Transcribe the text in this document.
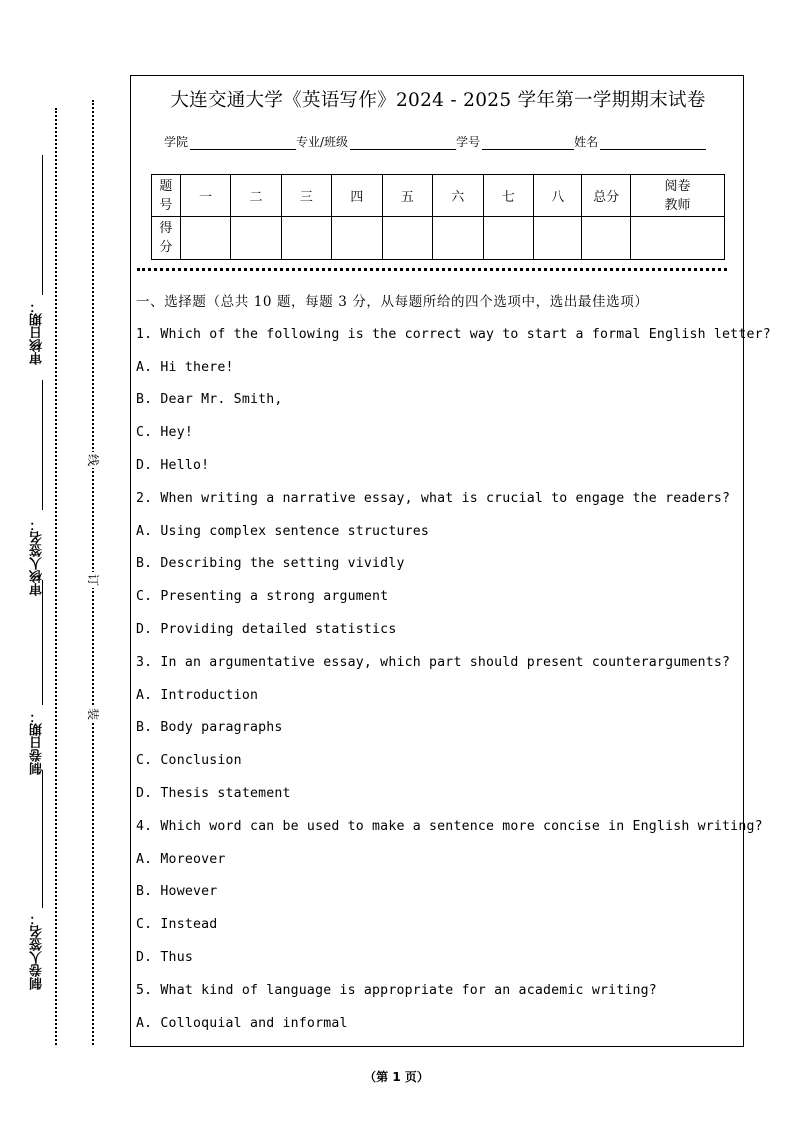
审核日期：
审核人签名：
制卷日期：
制卷人签名：
线
订
装
大连交通大学《英语写作》2024 - 2025 学年第一学期期末试卷
学院	专业/班级	学号	姓名
题号	一	二	三	四	五	六	七	八	总分	阅卷教师

得分										

一、选择题（总共 10 题，每题 3 分，从每题所给的四个选项中，选出最佳选项）
1. Which of the following is the correct way to start a formal English letter?
A. Hi there!
B. Dear Mr. Smith,
C. Hey!
D. Hello!
2. When writing a narrative essay, what is crucial to engage the readers?
A. Using complex sentence structures
B. Describing the setting vividly
C. Presenting a strong argument
D. Providing detailed statistics
3. In an argumentative essay, which part should present counterarguments?
A. Introduction
B. Body paragraphs
C. Conclusion
D. Thesis statement
4. Which word can be used to make a sentence more concise in English writing?
A. Moreover
B. However
C. Instead
D. Thus
5. What kind of language is appropriate for an academic writing?
A. Colloquial and informal
（第 1 页）
